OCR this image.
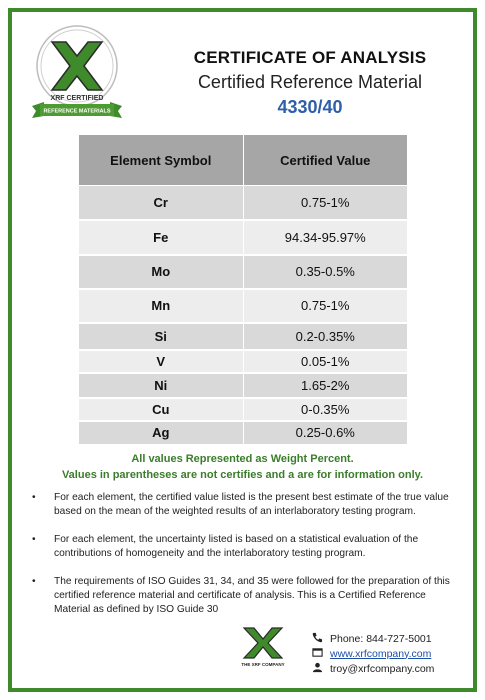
XRF CERTIFIED
REFERENCE MATERIALS
CERTIFICATE OF ANALYSIS
Certified Reference Material
4330/40
Element Symbol	Certified Value
Cr	0.75-1%
Fe	94.34-95.97%
Mo	0.35-0.5%
Mn	0.75-1%
Si	0.2-0.35%
V	0.05-1%
Ni	1.65-2%
Cu	0-0.35%
Ag	0.25-0.6%
All values Represented as Weight Percent.
Values in parentheses are not certifies and a are for information only.
• For each element, the certified value listed is the present best estimate of the true value based on the mean of the weighted results of an interlaboratory testing program.
• For each element, the uncertainty listed is based on a statistical evaluation of the contributions of homogeneity and the interlaboratory testing program.
• The requirements of ISO Guides 31, 34, and 35 were followed for the preparation of this certified reference material and certificate of analysis. This is a Certified Reference Material as defined by ISO Guide 30
THE XRF COMPANY
Phone: 844-727-5001
www.xrfcompany.com
troy@xrfcompany.com
